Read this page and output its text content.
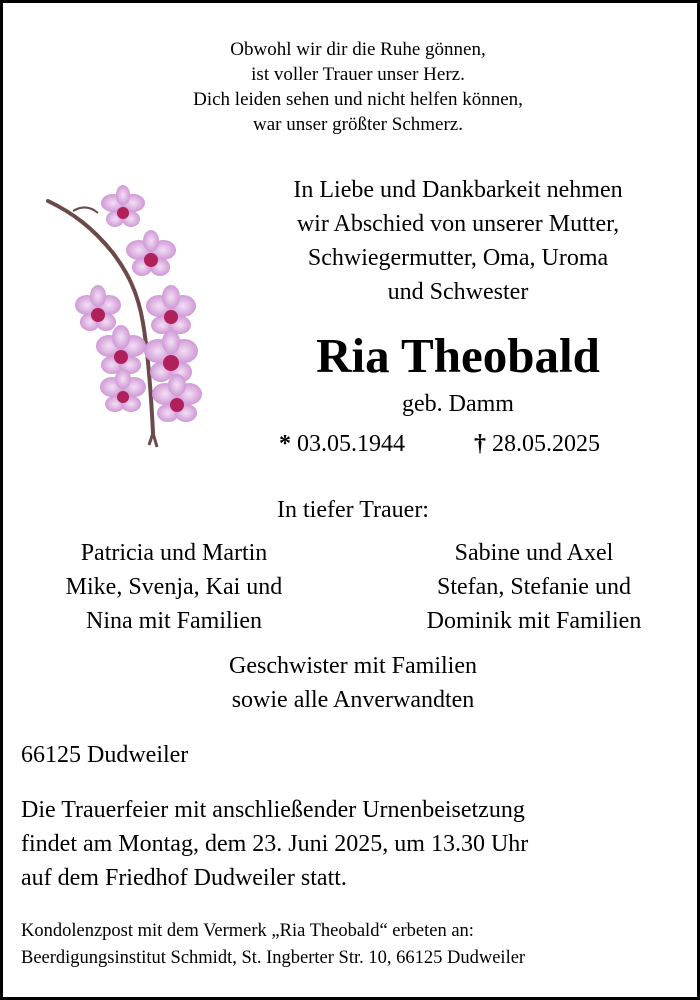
Obwohl wir dir die Ruhe gönnen,
ist voller Trauer unser Herz.
Dich leiden sehen und nicht helfen können,
war unser größter Schmerz.
In Liebe und Dankbarkeit nehmen
wir Abschied von unserer Mutter,
Schwiegermutter, Oma, Uroma
und Schwester
Ria Theobald
geb. Damm
* 03.05.1944	† 28.05.2025
In tiefer Trauer:
Patricia und Martin
Mike, Svenja, Kai und
Nina mit Familien
Sabine und Axel
Stefan, Stefanie und
Dominik mit Familien
Geschwister mit Familien
sowie alle Anverwandten
66125 Dudweiler
Die Trauerfeier mit anschließender Urnenbeisetzung
findet am Montag, dem 23. Juni 2025, um 13.30 Uhr
auf dem Friedhof Dudweiler statt.
Kondolenzpost mit dem Vermerk „Ria Theobald“ erbeten an:
Beerdigungsinstitut Schmidt, St. Ingberter Str. 10, 66125 Dudweiler
